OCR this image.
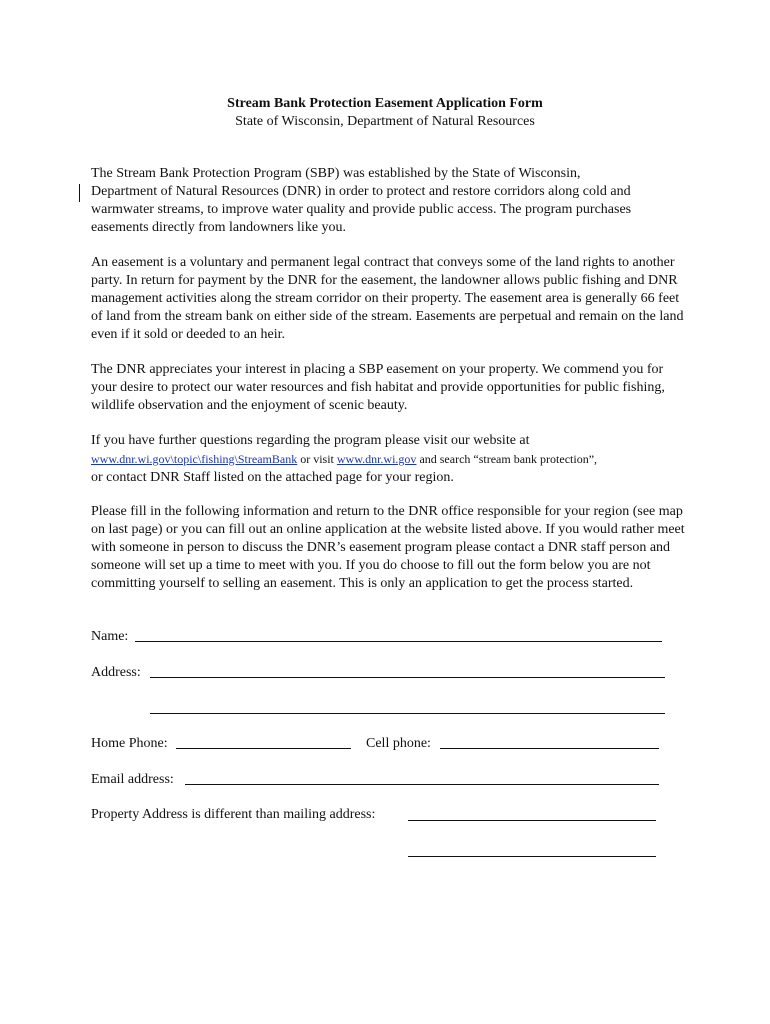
Stream Bank Protection Easement Application Form
State of Wisconsin, Department of Natural Resources
The Stream Bank Protection Program (SBP) was established by the State of Wisconsin,
Department of Natural Resources (DNR) in order to protect and restore corridors along cold and
warmwater streams, to improve water quality and provide public access. The program purchases
easements directly from landowners like you.

An easement is a voluntary and permanent legal contract that conveys some of the land rights to another party. In return for payment by the DNR for the easement, the landowner allows public fishing and DNR management activities along the stream corridor on their property. The easement area is generally 66 feet of land from the stream bank on either side of the stream. Easements are perpetual and remain on the land even if it sold or deeded to an heir.

The DNR appreciates your interest in placing a SBP easement on your property. We commend you for your desire to protect our water resources and fish habitat and provide opportunities for public fishing, wildlife observation and the enjoyment of scenic beauty.

If you have further questions regarding the program please visit our website at
www.dnr.wi.gov\topic\fishing\StreamBank or visit www.dnr.wi.gov and search “stream bank protection”,
or contact DNR Staff listed on the attached page for your region.

Please fill in the following information and return to the DNR office responsible for your region (see map on last page) or you can fill out an online application at the website listed above. If you would rather meet with someone in person to discuss the DNR’s easement program please contact a DNR staff person and someone will set up a time to meet with you. If you do choose to fill out the form below you are not committing yourself to selling an easement. This is only an application to get the process started.

Name:
Address:
Home Phone:	Cell phone:
Email address:
Property Address is different than mailing address:
